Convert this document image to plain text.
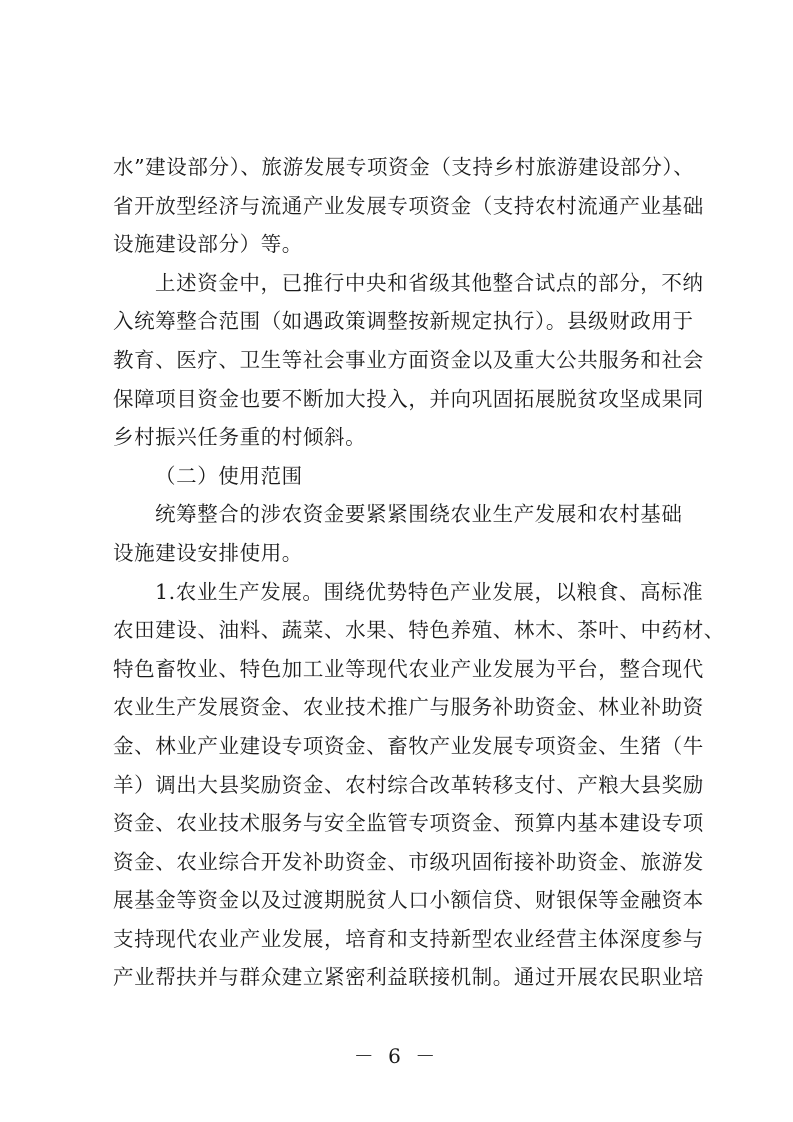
水”建设部分）、旅游发展专项资金（支持乡村旅游建设部分）、
省开放型经济与流通产业发展专项资金（支持农村流通产业基础
设施建设部分）等。
上述资金中，已推行中央和省级其他整合试点的部分，不纳
入统筹整合范围（如遇政策调整按新规定执行）。县级财政用于
教育、医疗、卫生等社会事业方面资金以及重大公共服务和社会
保障项目资金也要不断加大投入，并向巩固拓展脱贫攻坚成果同
乡村振兴任务重的村倾斜。
（二）使用范围
统筹整合的涉农资金要紧紧围绕农业生产发展和农村基础
设施建设安排使用。
1.农业生产发展。围绕优势特色产业发展，以粮食、高标准
农田建设、油料、蔬菜、水果、特色养殖、林木、茶叶、中药材、
特色畜牧业、特色加工业等现代农业产业发展为平台，整合现代
农业生产发展资金、农业技术推广与服务补助资金、林业补助资
金、林业产业建设专项资金、畜牧产业发展专项资金、生猪（牛
羊）调出大县奖励资金、农村综合改革转移支付、产粮大县奖励
资金、农业技术服务与安全监管专项资金、预算内基本建设专项
资金、农业综合开发补助资金、市级巩固衔接补助资金、旅游发
展基金等资金以及过渡期脱贫人口小额信贷、财银保等金融资本
支持现代农业产业发展，培育和支持新型农业经营主体深度参与
产业帮扶并与群众建立紧密利益联接机制。通过开展农民职业培
－ 6 －
